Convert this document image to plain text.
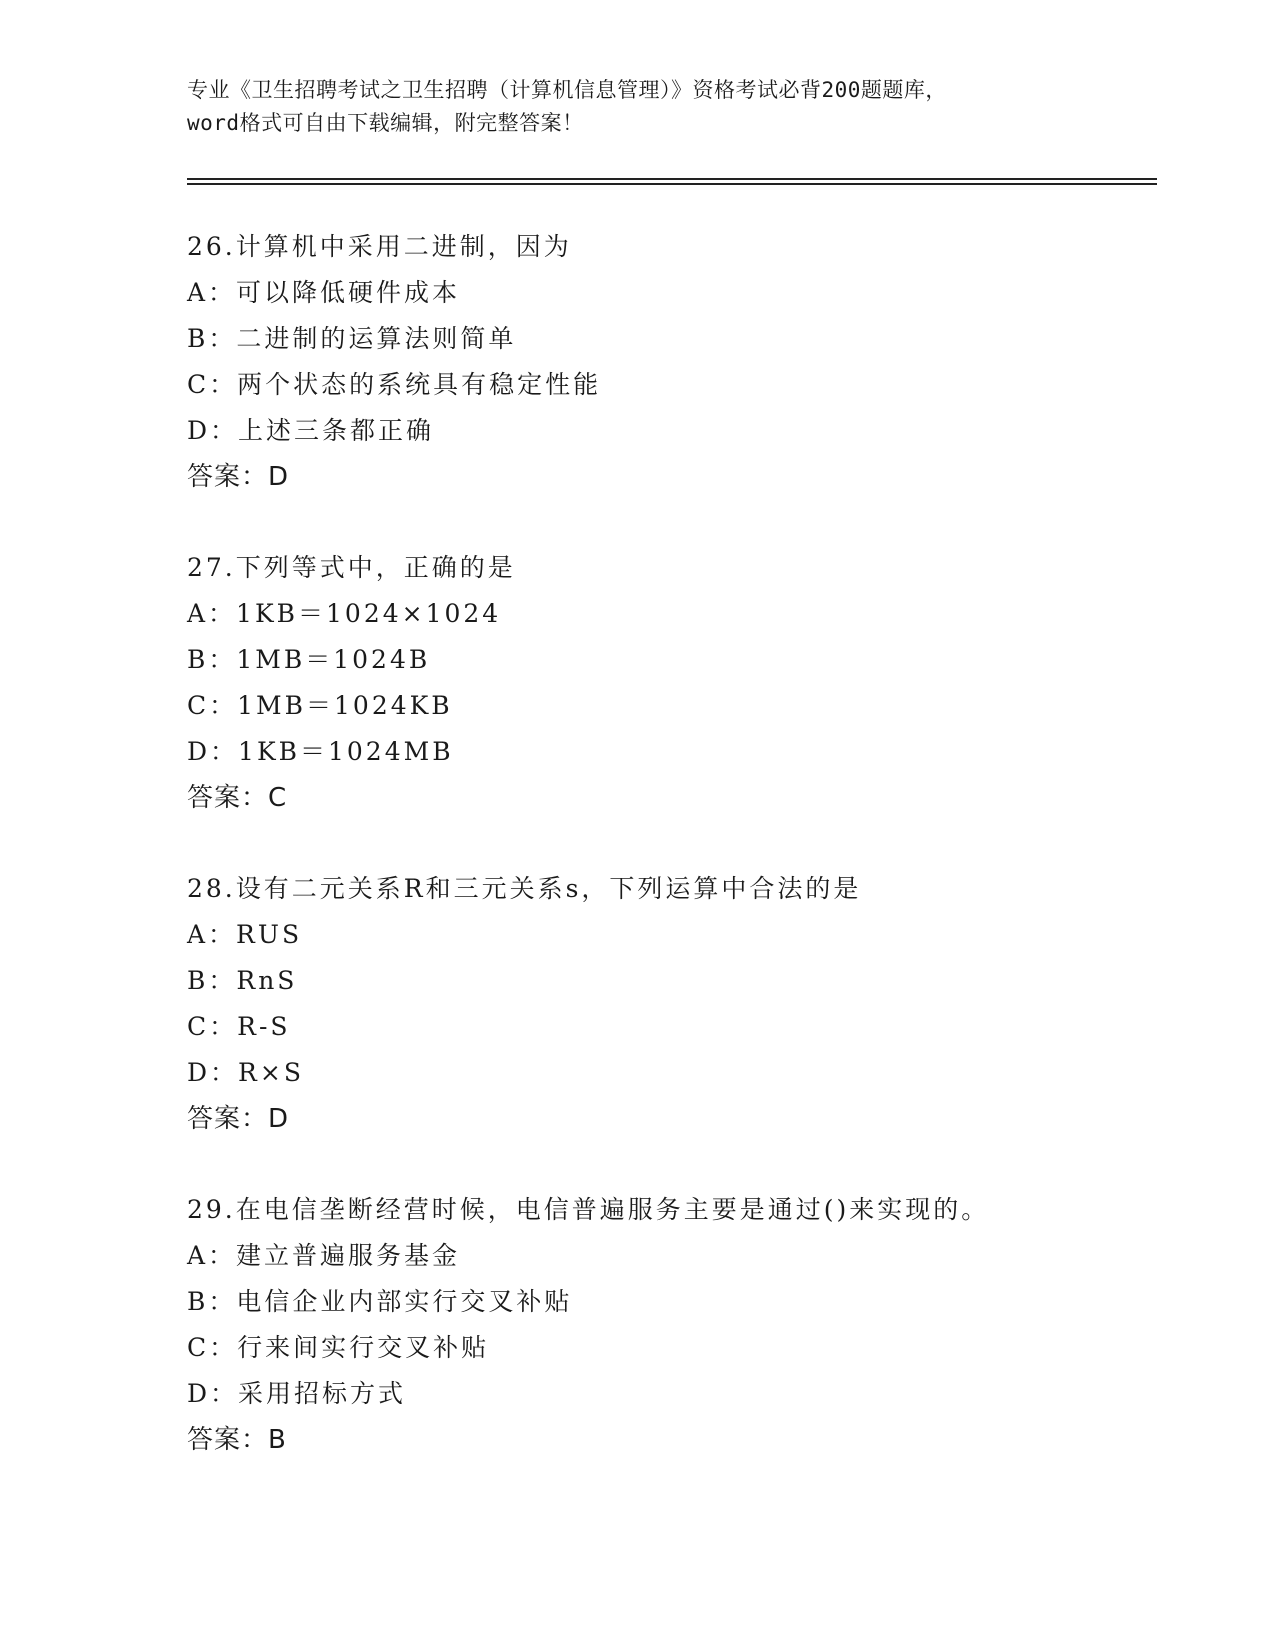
专业《卫生招聘考试之卫生招聘（计算机信息管理）》资格考试必背200题题库，
word格式可自由下载编辑，附完整答案！
26.计算机中采用二进制，因为
A：可以降低硬件成本
B：二进制的运算法则简单
C：两个状态的系统具有稳定性能
D：上述三条都正确
答案：D
27.下列等式中，正确的是
A：1KB＝1024×1024
B：1MB＝1024B
C：1MB＝1024KB
D：1KB＝1024MB
答案：C
28.设有二元关系R和三元关系s，下列运算中合法的是
A：RUS
B：RnS
C：R-S
D：R×S
答案：D
29.在电信垄断经营时候，电信普遍服务主要是通过()来实现的。
A：建立普遍服务基金
B：电信企业内部实行交叉补贴
C：行来间实行交叉补贴
D：采用招标方式
答案：B
